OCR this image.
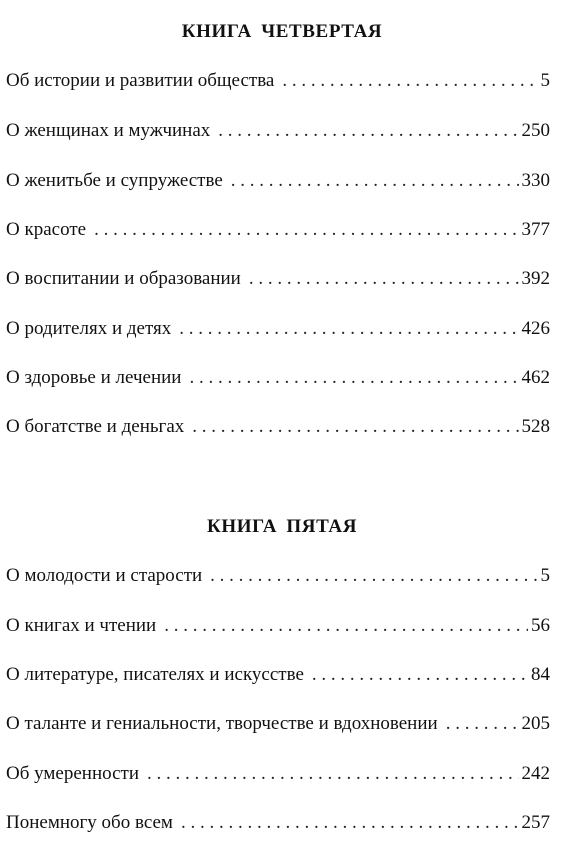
КНИГА ЧЕТВЕРТАЯ
Об истории и развитии общества . . .	5
О женщинах и мужчинах . . .	250
О женитьбе и супружестве . . .	330
О красоте . . .	377
О воспитании и образовании . . .	392
О родителях и детях . . .	426
О здоровье и лечении . . .	462
О богатстве и деньгах . . .	528
КНИГА ПЯТАЯ
О молодости и старости . . .	5
О книгах и чтении . . .	56
О литературе, писателях и искусстве . . .	84
О таланте и гениальности, творчестве и вдохновении . . .	205
Об умеренности . . .	242
Понемногу обо всем . . .	257
